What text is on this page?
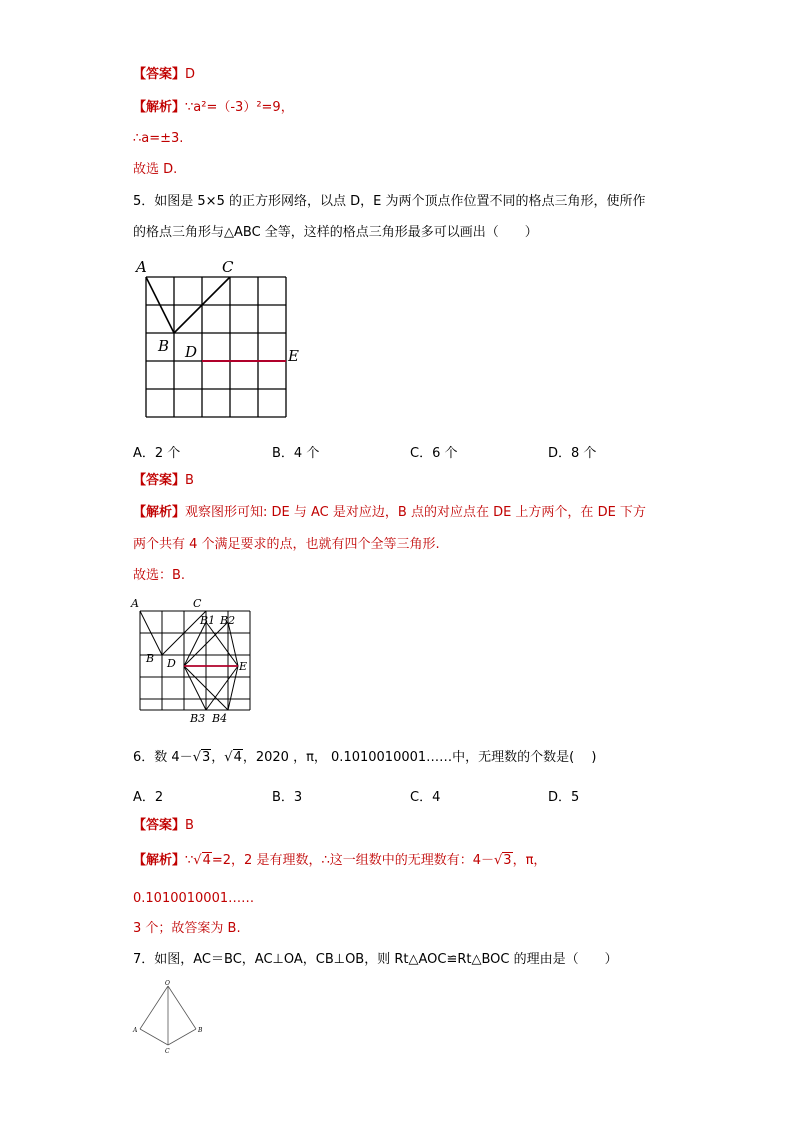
【答案】D
【解析】∵a²=（-3）²=9，
∴a=±3.
故选 D.
5．如图是 5×5 的正方形网络，以点 D，E 为两个顶点作位置不同的格点三角形，使所作
的格点三角形与△ABC 全等，这样的格点三角形最多可以画出（　　）
A	C
B D	E
A．2 个	B．4 个	C．6 个	D．8 个
【答案】B
【解析】观察图形可知: DE 与 AC 是对应边，B 点的对应点在 DE 上方两个，在 DE 下方
两个共有 4 个满足要求的点，也就有四个全等三角形.
故选：B.
A	C
B1 B2
B D	E
B3 B4
6．数 4－√3，√4，2020 ，π， 0.1010010001……中，无理数的个数是(　 )
A．2	B．3	C．4	D．5
【答案】B
【解析】∵√4=2，2 是有理数，∴这一组数中的无理数有：4－√3，π，
0.1010010001……
3 个；故答案为 B.
7．如图，AC＝BC，AC⊥OA，CB⊥OB，则 Rt△AOC≌Rt△BOC 的理由是（　　）
O
A	B
C
